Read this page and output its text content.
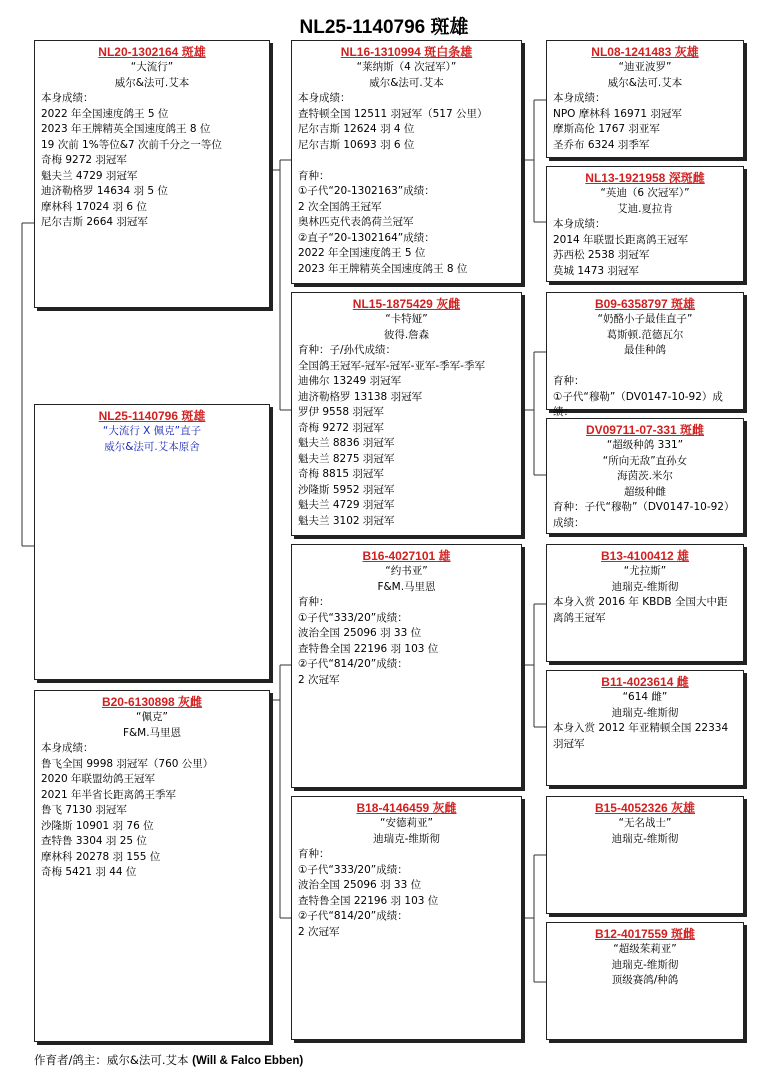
NL25-1140796 斑雄
NL20-1302164 斑雄
“大流行”
威尔&法可.艾本
本身成绩：
2022 年全国速度鸽王 5 位
2023 年王牌精英全国速度鸽王 8 位
19 次前 1%等位&7 次前千分之一等位
奇梅 9272 羽冠军
魁夫兰 4729 羽冠军
迪济勒格罗 14634 羽 5 位
摩林科 17024 羽 6 位
尼尔吉斯 2664 羽冠军
NL25-1140796 斑雄
“大流行 X 佩克”直子
威尔&法可.艾本原舍
B20-6130898 灰雌
“佩克”
F&M.马里恩
本身成绩：
鲁飞全国 9998 羽冠军（760 公里）
2020 年联盟幼鸽王冠军
2021 年半省长距离鸽王季军
鲁飞 7130 羽冠军
沙隆斯 10901 羽 76 位
查特鲁 3304 羽 25 位
摩林科 20278 羽 155 位
奇梅 5421 羽 44 位
NL16-1310994 斑白条雄
“莱纳斯（4 次冠军）”
威尔&法可.艾本
本身成绩：
查特顿全国 12511 羽冠军（517 公里）
尼尔吉斯 12624 羽 4 位
尼尔吉斯 10693 羽 6 位

育种：
①子代“20-1302163”成绩：
2 次全国鸽王冠军
奥林匹克代表鸽荷兰冠军
②直子“20-1302164”成绩：
2022 年全国速度鸽王 5 位
2023 年王牌精英全国速度鸽王 8 位
NL15-1875429 灰雌
“卡特娅”
彼得.詹森
育种：子/孙代成绩：
全国鸽王冠军-冠军-冠军-亚军-季军-季军
迪佛尔 13249 羽冠军
迪济勒格罗 13138 羽冠军
罗伊 9558 羽冠军
奇梅 9272 羽冠军
魁夫兰 8836 羽冠军
魁夫兰 8275 羽冠军
奇梅 8815 羽冠军
沙隆斯 5952 羽冠军
魁夫兰 4729 羽冠军
魁夫兰 3102 羽冠军
B16-4027101 雄
“约书亚”
F&M.马里恩
育种：
①子代“333/20”成绩：
波治全国 25096 羽 33 位
查特鲁全国 22196 羽 103 位
②子代“814/20”成绩：
2 次冠军
B18-4146459 灰雌
“安德莉亚”
迪瑞克-维斯彻
育种：
①子代“333/20”成绩：
波治全国 25096 羽 33 位
查特鲁全国 22196 羽 103 位
②子代“814/20”成绩：
2 次冠军
NL08-1241483 灰雄
“迪亚波罗”
威尔&法可.艾本
本身成绩：
NPO 摩林科 16971 羽冠军
摩斯高伦 1767 羽亚军
圣乔布 6324 羽季军
NL13-1921958 深斑雌
“英迪（6 次冠军）”
艾迪.夏拉肯
本身成绩：
2014 年联盟长距离鸽王冠军
苏西松 2538 羽冠军
莫城 1473 羽冠军
B09-6358797 斑雄
“奶酪小子最佳直子”
葛斯顿.范德瓦尔
最佳种鸽

育种：
①子代“穆勒”（DV0147-10-92）成绩：
DV09711-07-331 斑雌
“超级种鸽 331”
“所向无敌”直孙女
海茵茨.米尔
超级种雌
育种：子代“穆勒”（DV0147-10-92）成绩：
B13-4100412 雄
“尤拉斯”
迪瑞克-维斯彻
本身入赏 2016 年 KBDB 全国大中距离鸽王冠军
B11-4023614 雌
“614 雌”
迪瑞克-维斯彻
本身入赏 2012 年亚精顿全国 22334 羽冠军
B15-4052326 灰雄
“无名战士”
迪瑞克-维斯彻
B12-4017559 斑雌
“超级茱莉亚”
迪瑞克-维斯彻
顶级赛鸽/种鸽
作育者/鸽主：威尔&法可.艾本 (Will & Falco Ebben)
